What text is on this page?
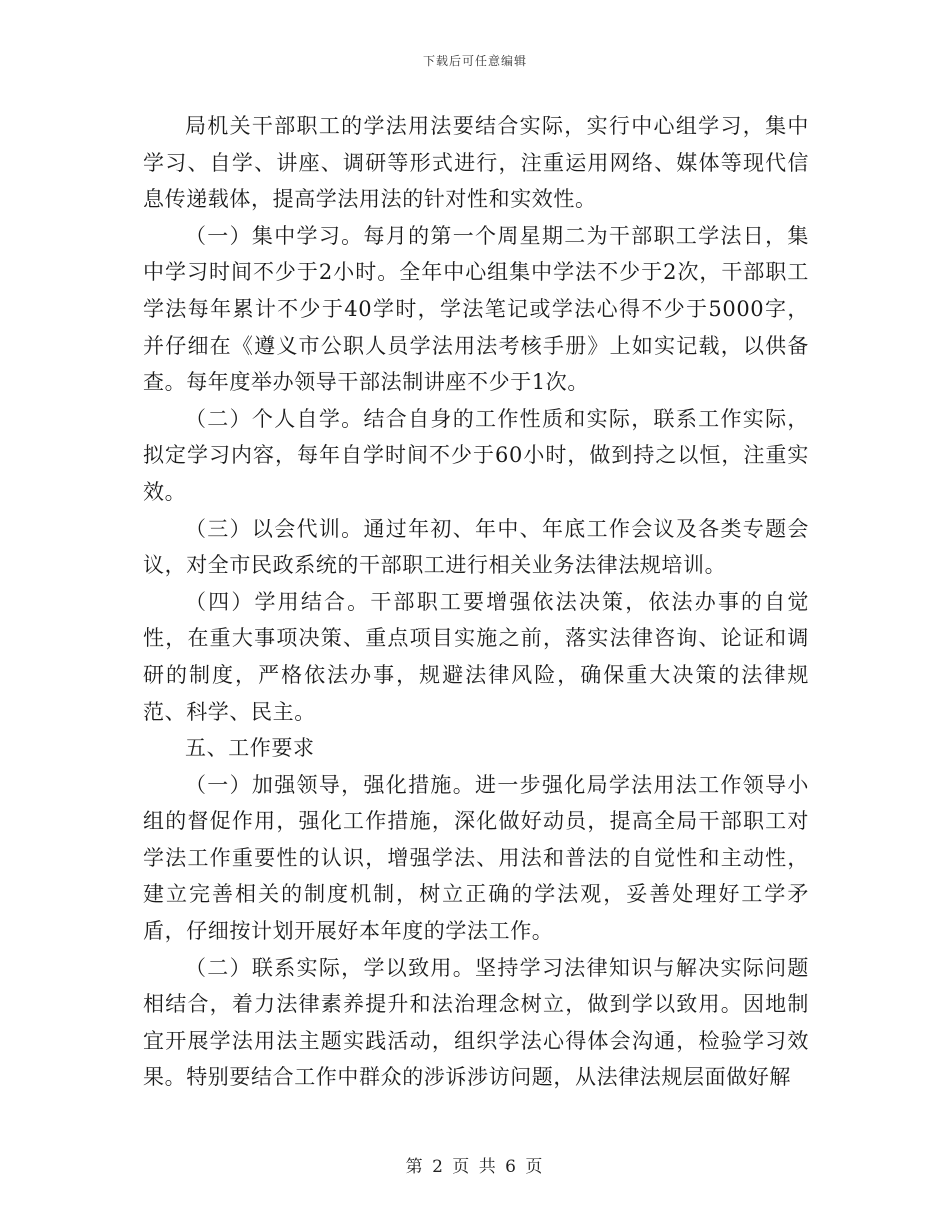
下载后可任意编辑

局机关干部职工的学法用法要结合实际，实行中心组学习，集中学习、自学、讲座、调研等形式进行，注重运用网络、媒体等现代信息传递载体，提高学法用法的针对性和实效性。

（一）集中学习。每月的第一个周星期二为干部职工学法日，集中学习时间不少于2小时。全年中心组集中学法不少于2次，干部职工学法每年累计不少于40学时，学法笔记或学法心得不少于5000字，并仔细在《遵义市公职人员学法用法考核手册》上如实记载，以供备查。每年度举办领导干部法制讲座不少于1次。

（二）个人自学。结合自身的工作性质和实际，联系工作实际，拟定学习内容，每年自学时间不少于60小时，做到持之以恒，注重实效。

（三）以会代训。通过年初、年中、年底工作会议及各类专题会议，对全市民政系统的干部职工进行相关业务法律法规培训。

（四）学用结合。干部职工要增强依法决策，依法办事的自觉性，在重大事项决策、重点项目实施之前，落实法律咨询、论证和调研的制度，严格依法办事，规避法律风险，确保重大决策的法律规范、科学、民主。

五、工作要求

（一）加强领导，强化措施。进一步强化局学法用法工作领导小组的督促作用，强化工作措施，深化做好动员，提高全局干部职工对学法工作重要性的认识，增强学法、用法和普法的自觉性和主动性，建立完善相关的制度机制，树立正确的学法观，妥善处理好工学矛盾，仔细按计划开展好本年度的学法工作。

（二）联系实际，学以致用。坚持学习法律知识与解决实际问题相结合，着力法律素养提升和法治理念树立，做到学以致用。因地制宜开展学法用法主题实践活动，组织学法心得体会沟通，检验学习效果。特别要结合工作中群众的涉诉涉访问题，从法律法规层面做好解

第 2 页 共 6 页
